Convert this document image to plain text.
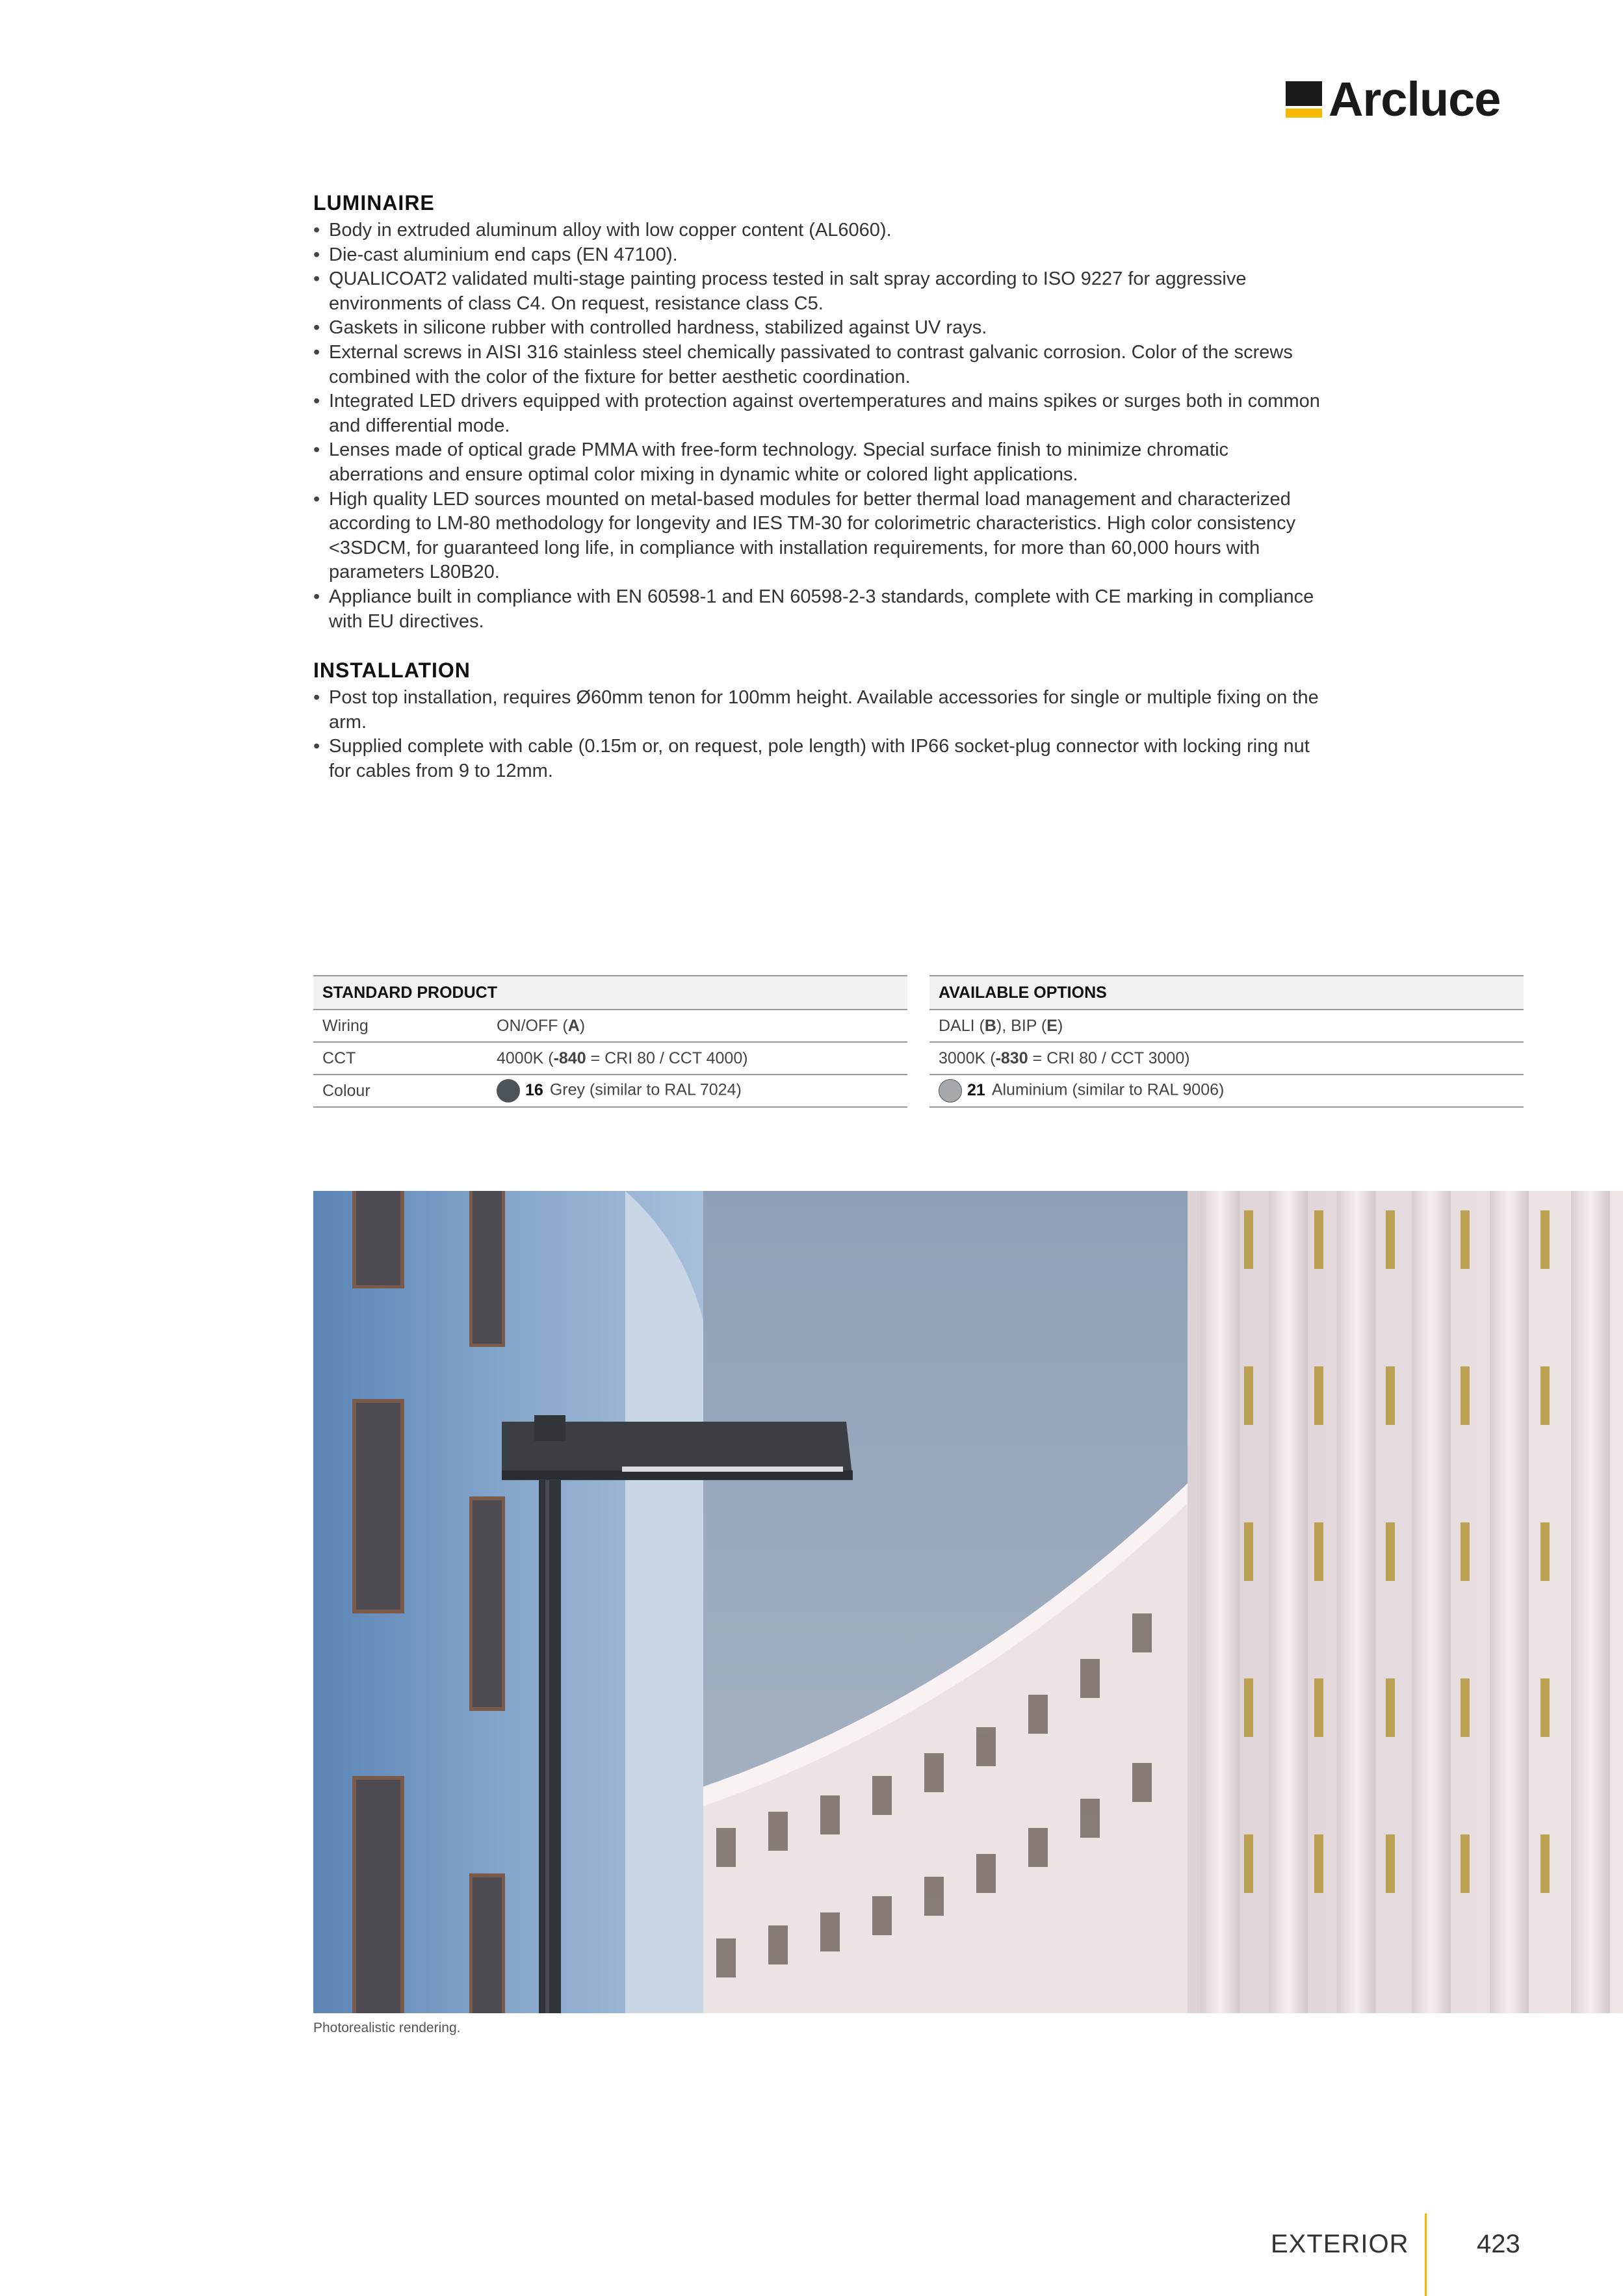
Arcluce
LUMINAIRE
• Body in extruded aluminum alloy with low copper content (AL6060).
• Die-cast aluminium end caps (EN 47100).
• QUALICOAT2 validated multi-stage painting process tested in salt spray according to ISO 9227 for aggressive environments of class C4. On request, resistance class C5.
• Gaskets in silicone rubber with controlled hardness, stabilized against UV rays.
• External screws in AISI 316 stainless steel chemically passivated to contrast galvanic corrosion. Color of the screws combined with the color of the fixture for better aesthetic coordination.
• Integrated LED drivers equipped with protection against overtemperatures and mains spikes or surges both in common and differential mode.
• Lenses made of optical grade PMMA with free-form technology. Special surface finish to minimize chromatic aberrations and ensure optimal color mixing in dynamic white or colored light applications.
• High quality LED sources mounted on metal-based modules for better thermal load management and characterized according to LM-80 methodology for longevity and IES TM-30 for colorimetric characteristics. High color consistency <3SDCM, for guaranteed long life, in compliance with installation requirements, for more than 60,000 hours with parameters L80B20.
• Appliance built in compliance with EN 60598-1 and EN 60598-2-3 standards, complete with CE marking in compliance with EU directives.
INSTALLATION
• Post top installation, requires Ø60mm tenon for 100mm height. Available accessories for single or multiple fixing on the arm.
• Supplied complete with cable (0.15m or, on request, pole length) with IP66 socket-plug connector with locking ring nut for cables from 9 to 12mm.
STANDARD PRODUCT	
Wiring	ON/OFF (A)
CCT	4000K (-840 = CRI 80 / CCT 4000)
Colour	16 Grey (similar to RAL 7024)
AVAILABLE OPTIONS
DALI (B), BIP (E)
3000K (-830 = CRI 80 / CCT 3000)
21 Aluminium (similar to RAL 9006)
Photorealistic rendering.
EXTERIOR	423
